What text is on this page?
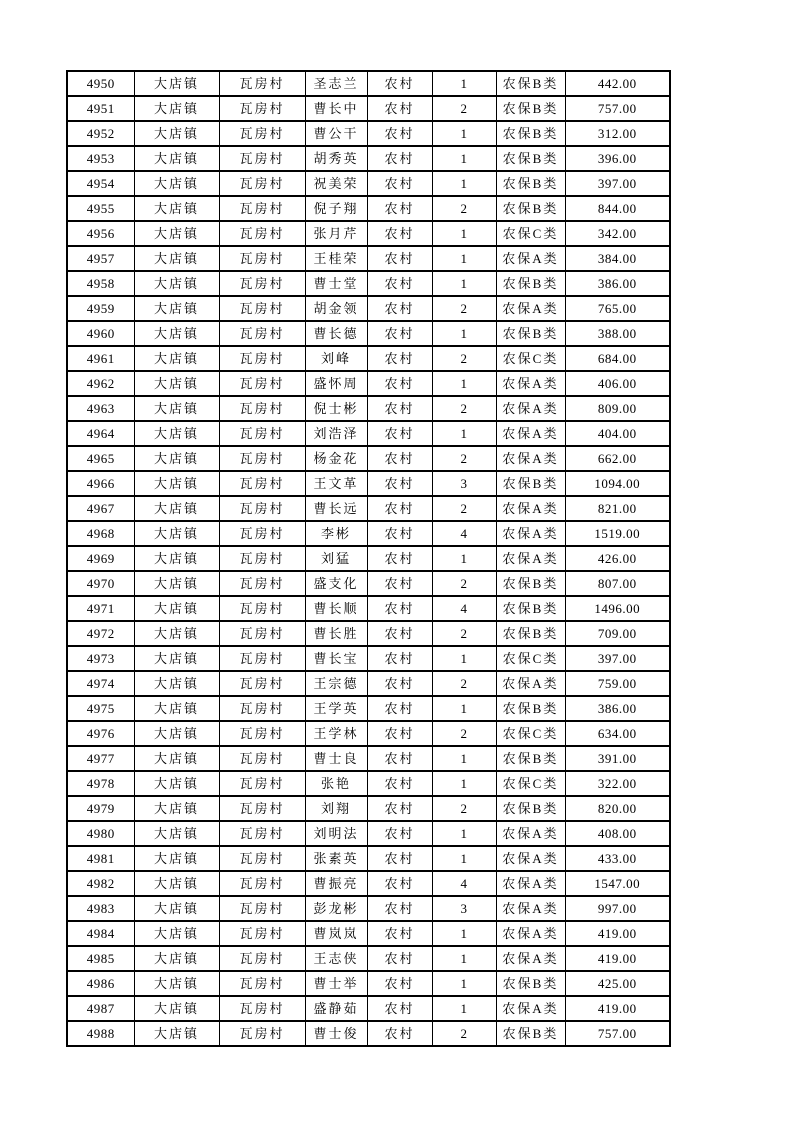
4950	大店镇	瓦房村	圣志兰	农村	1	农保B类	442.00
4951	大店镇	瓦房村	曹长中	农村	2	农保B类	757.00
4952	大店镇	瓦房村	曹公干	农村	1	农保B类	312.00
4953	大店镇	瓦房村	胡秀英	农村	1	农保B类	396.00
4954	大店镇	瓦房村	祝美荣	农村	1	农保B类	397.00
4955	大店镇	瓦房村	倪子翔	农村	2	农保B类	844.00
4956	大店镇	瓦房村	张月芹	农村	1	农保C类	342.00
4957	大店镇	瓦房村	王桂荣	农村	1	农保A类	384.00
4958	大店镇	瓦房村	曹士堂	农村	1	农保B类	386.00
4959	大店镇	瓦房村	胡金领	农村	2	农保A类	765.00
4960	大店镇	瓦房村	曹长德	农村	1	农保B类	388.00
4961	大店镇	瓦房村	刘峰	农村	2	农保C类	684.00
4962	大店镇	瓦房村	盛怀周	农村	1	农保A类	406.00
4963	大店镇	瓦房村	倪士彬	农村	2	农保A类	809.00
4964	大店镇	瓦房村	刘浩泽	农村	1	农保A类	404.00
4965	大店镇	瓦房村	杨金花	农村	2	农保A类	662.00
4966	大店镇	瓦房村	王文革	农村	3	农保B类	1094.00
4967	大店镇	瓦房村	曹长远	农村	2	农保A类	821.00
4968	大店镇	瓦房村	李彬	农村	4	农保A类	1519.00
4969	大店镇	瓦房村	刘猛	农村	1	农保A类	426.00
4970	大店镇	瓦房村	盛支化	农村	2	农保B类	807.00
4971	大店镇	瓦房村	曹长顺	农村	4	农保B类	1496.00
4972	大店镇	瓦房村	曹长胜	农村	2	农保B类	709.00
4973	大店镇	瓦房村	曹长宝	农村	1	农保C类	397.00
4974	大店镇	瓦房村	王宗德	农村	2	农保A类	759.00
4975	大店镇	瓦房村	王学英	农村	1	农保B类	386.00
4976	大店镇	瓦房村	王学林	农村	2	农保C类	634.00
4977	大店镇	瓦房村	曹士良	农村	1	农保B类	391.00
4978	大店镇	瓦房村	张艳	农村	1	农保C类	322.00
4979	大店镇	瓦房村	刘翔	农村	2	农保B类	820.00
4980	大店镇	瓦房村	刘明法	农村	1	农保A类	408.00
4981	大店镇	瓦房村	张素英	农村	1	农保A类	433.00
4982	大店镇	瓦房村	曹振亮	农村	4	农保A类	1547.00
4983	大店镇	瓦房村	彭龙彬	农村	3	农保A类	997.00
4984	大店镇	瓦房村	曹岚岚	农村	1	农保A类	419.00
4985	大店镇	瓦房村	王志侠	农村	1	农保A类	419.00
4986	大店镇	瓦房村	曹士举	农村	1	农保B类	425.00
4987	大店镇	瓦房村	盛静茹	农村	1	农保A类	419.00
4988	大店镇	瓦房村	曹士俊	农村	2	农保B类	757.00
